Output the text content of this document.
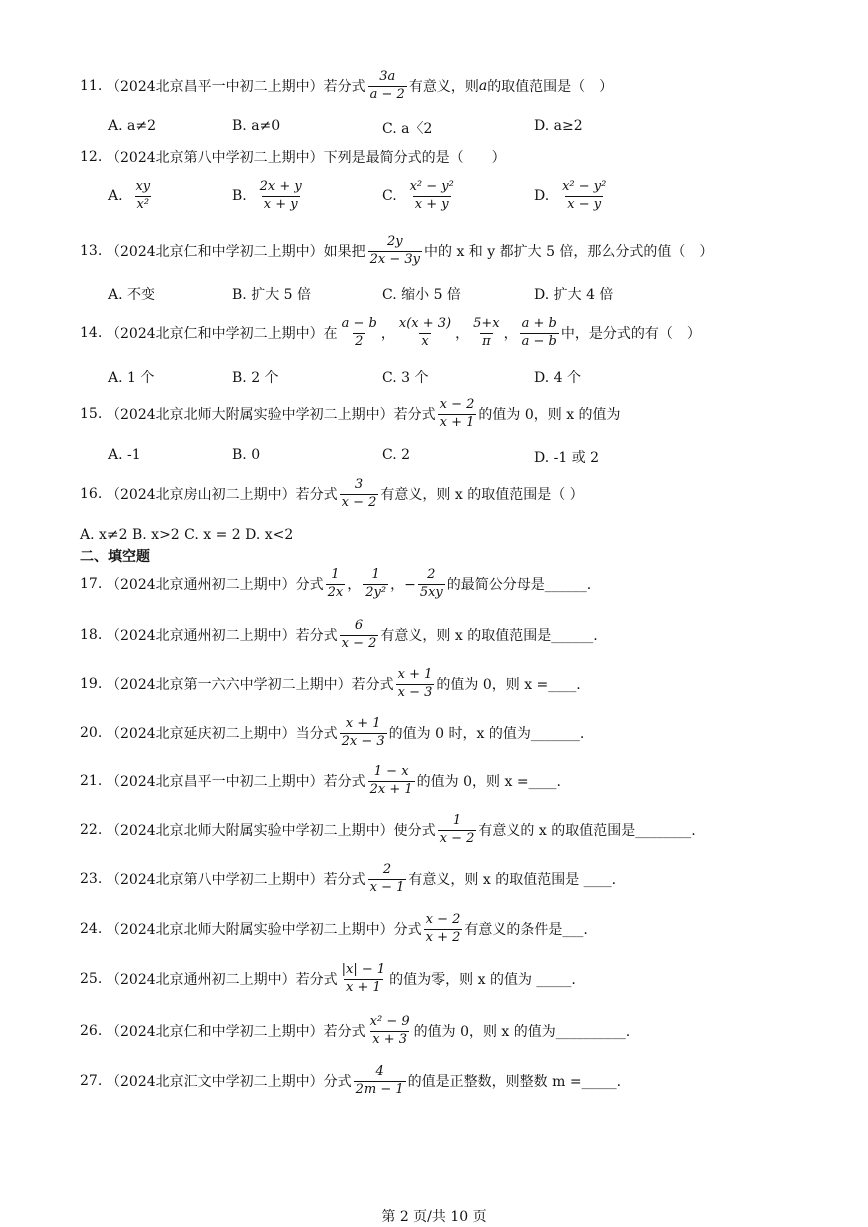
11. （2024北京昌平一中初二上期中）若分式 $\frac{3a}{a - 2}$ 有意义，则 a 的取值范围是（　）
A. a≠2	B. a≠0	C. a〈2	D. a≥2
12. （2024北京第八中学初二上期中）下列是最简分式的是（　　）
A.
$\frac{xy}{\text{x²}}$	B.
$\frac{2x + y}{x + y}$	C.
$\frac{\text{x² − y²}}{x + y}$	D.
$\frac{\text{x² − y²}}{x - y}$
13. （2024北京仁和中学初二上期中）如果把 $\frac{2y}{2x - 3y}$ 中的 x 和 y 都扩大 5 倍，那么分式的值（　）
A. 不变	B. 扩大 5 倍	C. 缩小 5 倍	D. 扩大 4 倍
14. （2024北京仁和中学初二上期中）在 $\frac{a - b}{2}$ ， $\frac{x(x + 3)}{x}$ ， $\frac{5+x}{\pi}$ ， $\frac{a + b}{a - b}$ 中，是分式的有（　）
A. 1 个	B. 2 个	C. 3 个	D. 4 个
15. （2024北京北师大附属实验中学初二上期中）若分式 $\frac{x - 2}{x + 1}$ 的值为 0，则 x 的值为
A. -1	B. 0	C. 2	D. -1 或 2
16. （2024北京房山初二上期中）若分式 $\frac{3}{x - 2}$ 有意义，则 x 的取值范围是（ ）
A. x≠2 B. x>2 C. x = 2 D. x<2
二、填空题
17. （2024北京通州初二上期中）分式 $\frac{1}{2x}$ ， $\frac{1}{\text{2y²}}$ ，− $\frac{2}{5xy}$ 的最简公分母是______.
18. （2024北京通州初二上期中）若分式 $\frac{6}{x - 2}$ 有意义，则 x 的取值范围是______.
19. （2024北京第一六六中学初二上期中）若分式 $\frac{x + 1}{x - 3}$ 的值为 0，则 x =____.
20. （2024北京延庆初二上期中）当分式 $\frac{x + 1}{2x - 3}$ 的值为 0 时，x 的值为_______.
21. （2024北京昌平一中初二上期中）若分式 $\frac{1 - x}{2x + 1}$ 的值为 0，则 x =____.
22. （2024北京北师大附属实验中学初二上期中）使分式 $\frac{1}{x - 2}$ 有意义的 x 的取值范围是________.
23. （2024北京第八中学初二上期中）若分式 $\frac{2}{x - 1}$ 有意义，则 x 的取值范围是 ____.
24. （2024北京北师大附属实验中学初二上期中）分式 $\frac{x - 2}{x + 2}$ 有意义的条件是___.
25. （2024北京通州初二上期中）若分式 $\frac{|x| - 1}{x + 1}$ 的值为零，则 x 的值为 _____.
26. （2024北京仁和中学初二上期中）若分式 $\frac{\text{x² − 9}}{x + 3}$ 的值为 0，则 x 的值为__________.
27. （2024北京汇文中学初二上期中）分式 $\frac{4}{2m - 1}$ 的值是正整数，则整数 m =_____.
第 2 页/共 10 页
